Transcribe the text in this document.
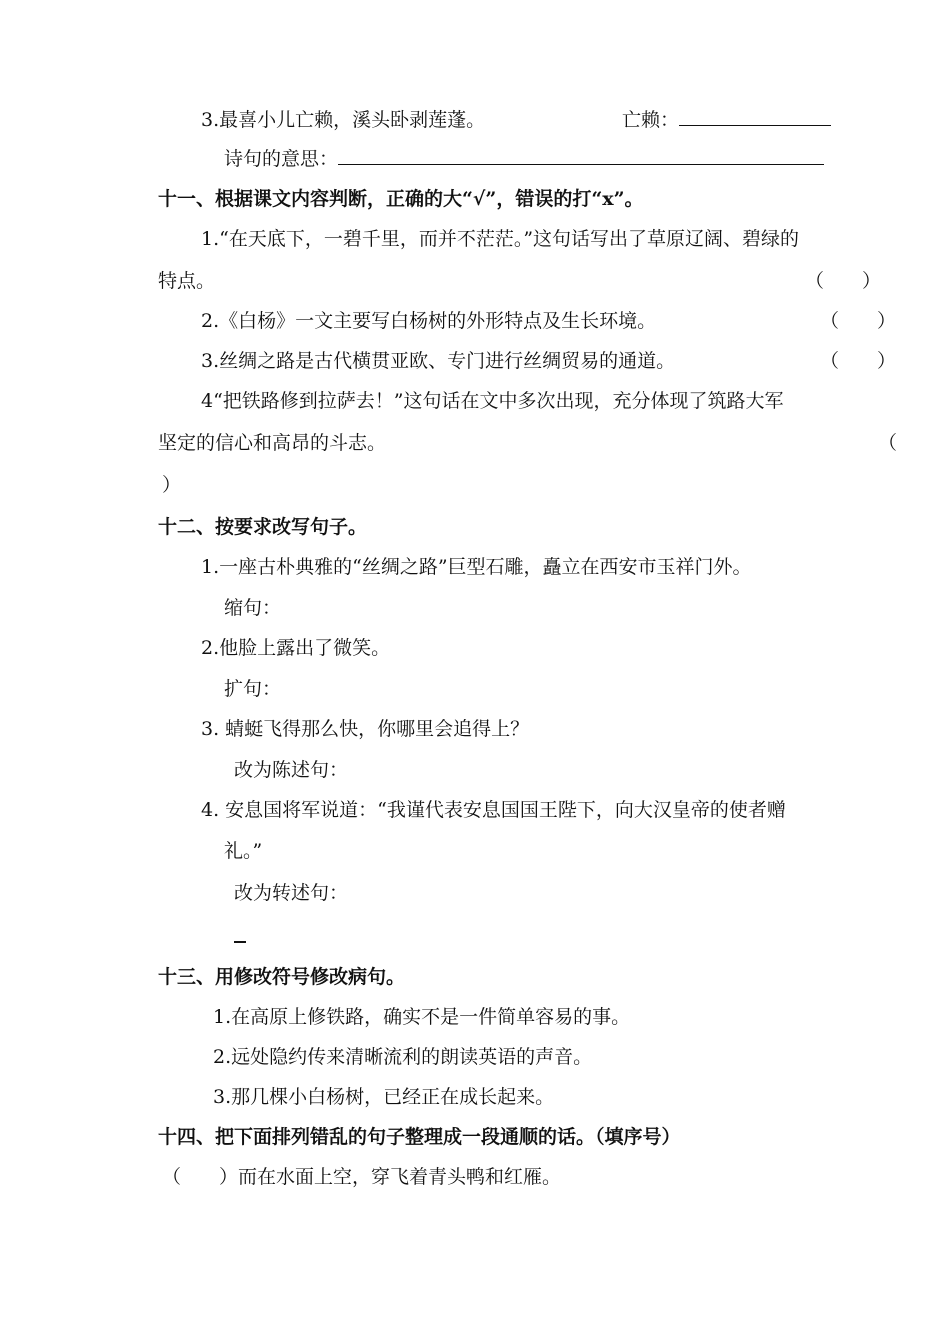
3.最喜小儿亡赖，溪头卧剥莲蓬。	亡赖：
诗句的意思：
十一、根据课文内容判断，正确的大“√”，错误的打“x”。
1.“在天底下，一碧千里，而并不茫茫。”这句话写出了草原辽阔、碧绿的
特点。	（　　）
2.《白杨》一文主要写白杨树的外形特点及生长环境。	（　　）
3.丝绸之路是古代横贯亚欧、专门进行丝绸贸易的通道。	（　　）
4“把铁路修到拉萨去！”这句话在文中多次出现，充分体现了筑路大军
坚定的信心和高昂的斗志。	（
）
十二、按要求改写句子。
1.一座古朴典雅的“丝绸之路”巨型石雕，矗立在西安市玉祥门外。
缩句：
2.他脸上露出了微笑。
扩句：
3. 蜻蜓飞得那么快，你哪里会追得上？
改为陈述句：
4. 安息国将军说道：“我谨代表安息国国王陛下，向大汉皇帝的使者赠
礼。”
改为转述句：
十三、用修改符号修改病句。
1.在高原上修铁路，确实不是一件简单容易的事。
2.远处隐约传来清晰流利的朗读英语的声音。
3.那几棵小白杨树，已经正在成长起来。
十四、把下面排列错乱的句子整理成一段通顺的话。（填序号）
（　　）而在水面上空，穿飞着青头鸭和红雁。
